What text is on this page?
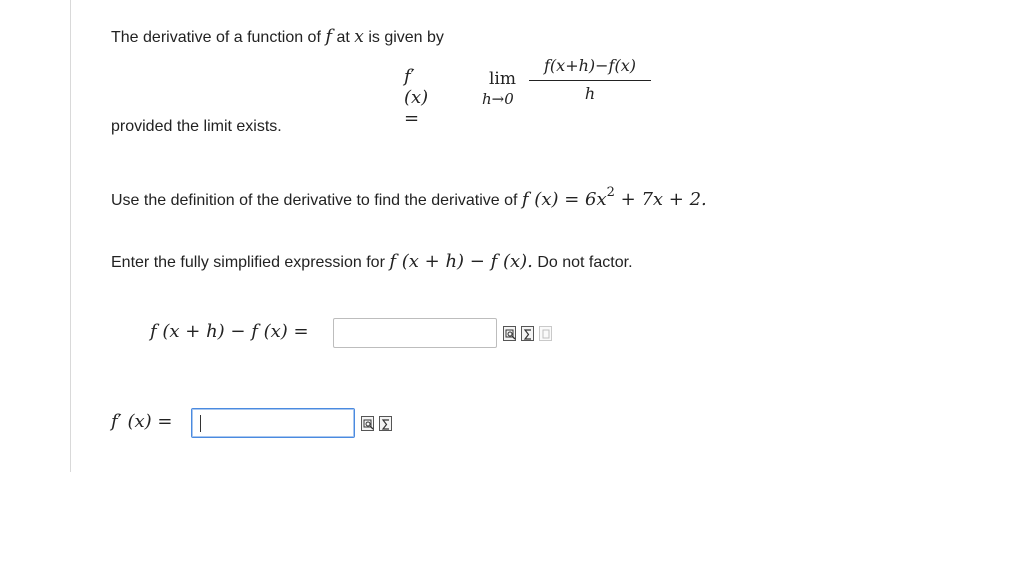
The derivative of a function of f at x is given by
f′ (x) =
lim
h→0
f(x+h)−f(x)
h
provided the limit exists.
Use the definition of the derivative to find the derivative of f $(x) = 6x^2 + 7x + 2$.
Enter the fully simplified expression for f (x + h) − f (x). Do not factor.
f (x + h) − f (x) =
f′ (x) =
